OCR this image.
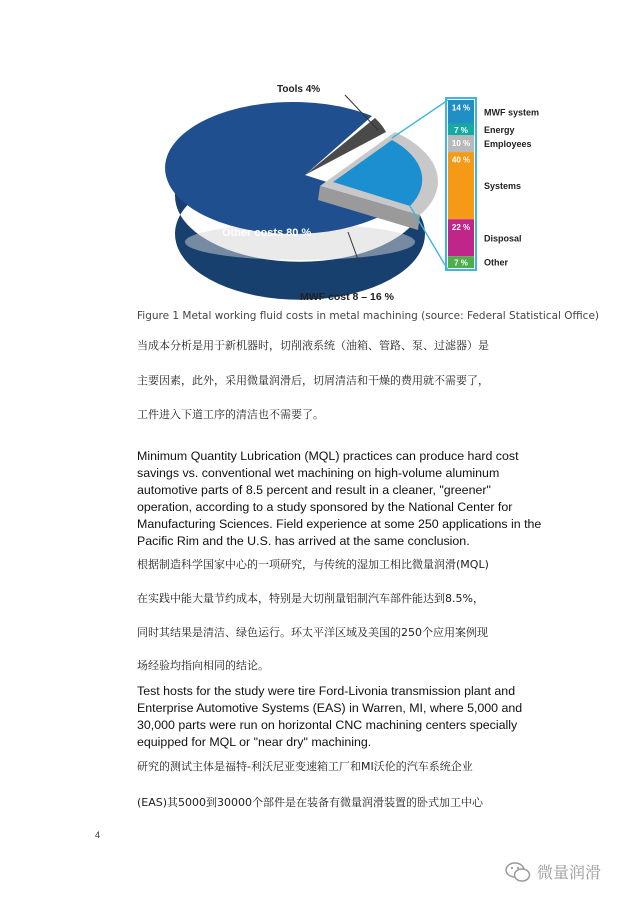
14 %
7 %
10 %
40 %
22 %
7 %
MWF system
Energy
Employees
Systems
Disposal
Other
Tools 4%
Other costs 80 %
MWF cost 8 – 16 %
Figure 1 Metal working fluid costs in metal machining (source: Federal Statistical Office)
当成本分析是用于新机器时，切削液系统（油箱、管路、泵、过滤器）是
主要因素，此外，采用微量润滑后，切屑清洁和干燥的费用就不需要了，
工件进入下道工序的清洁也不需要了。

Minimum Quantity Lubrication (MQL) practices can produce hard cost savings vs. conventional wet machining on high-volume aluminum automotive parts of 8.5 percent and result in a cleaner, "greener" operation, according to a study sponsored by the National Center for Manufacturing Sciences. Field experience at some 250 applications in the Pacific Rim and the U.S. has arrived at the same conclusion.

根据制造科学国家中心的一项研究，与传统的湿加工相比微量润滑(MQL)
在实践中能大量节约成本，特别是大切削量铝制汽车部件能达到8.5%，
同时其结果是清洁、绿色运行。环太平洋区域及美国的250个应用案例现
场经验均指向相同的结论。

Test hosts for the study were tire Ford-Livonia transmission plant and Enterprise Automotive Systems (EAS) in Warren, MI, where 5,000 and 30,000 parts were run on horizontal CNC machining centers specially equipped for MQL or "near dry" machining.

研究的测试主体是福特-利沃尼亚变速箱工厂和MI沃伦的汽车系统企业
(EAS)其5000到30000个部件是在装备有微量润滑装置的卧式加工中心
4
微量润滑
